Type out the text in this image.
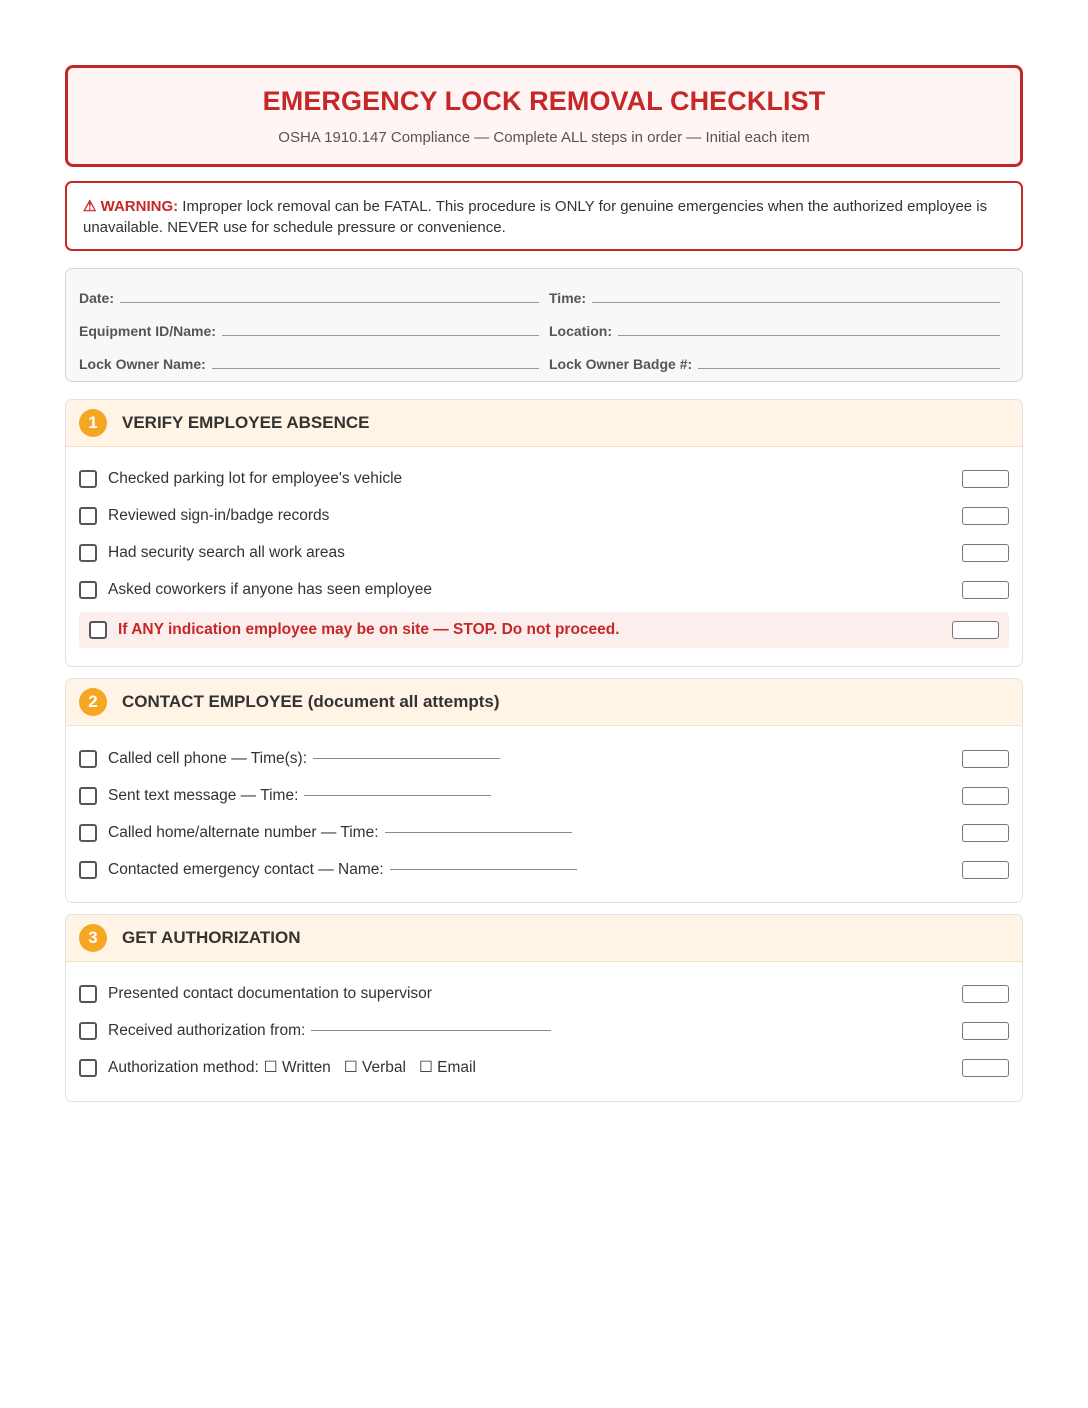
EMERGENCY LOCK REMOVAL CHECKLIST
OSHA 1910.147 Compliance — Complete ALL steps in order — Initial each item
⚠ WARNING: Improper lock removal can be FATAL. This procedure is ONLY for genuine emergencies when the authorized employee is unavailable. NEVER use for schedule pressure or convenience.
Date:	Time:
Equipment ID/Name:	Location:
Lock Owner Name:	Lock Owner Badge #:
1	VERIFY EMPLOYEE ABSENCE
Checked parking lot for employee's vehicle
Reviewed sign-in/badge records
Had security search all work areas
Asked coworkers if anyone has seen employee
If ANY indication employee may be on site — STOP. Do not proceed.
2	CONTACT EMPLOYEE (document all attempts)
Called cell phone — Time(s):
Sent text message — Time:
Called home/alternate number — Time:
Contacted emergency contact — Name:
3	GET AUTHORIZATION
Presented contact documentation to supervisor
Received authorization from:
Authorization method: ☐ Written ☐ Verbal ☐ Email
